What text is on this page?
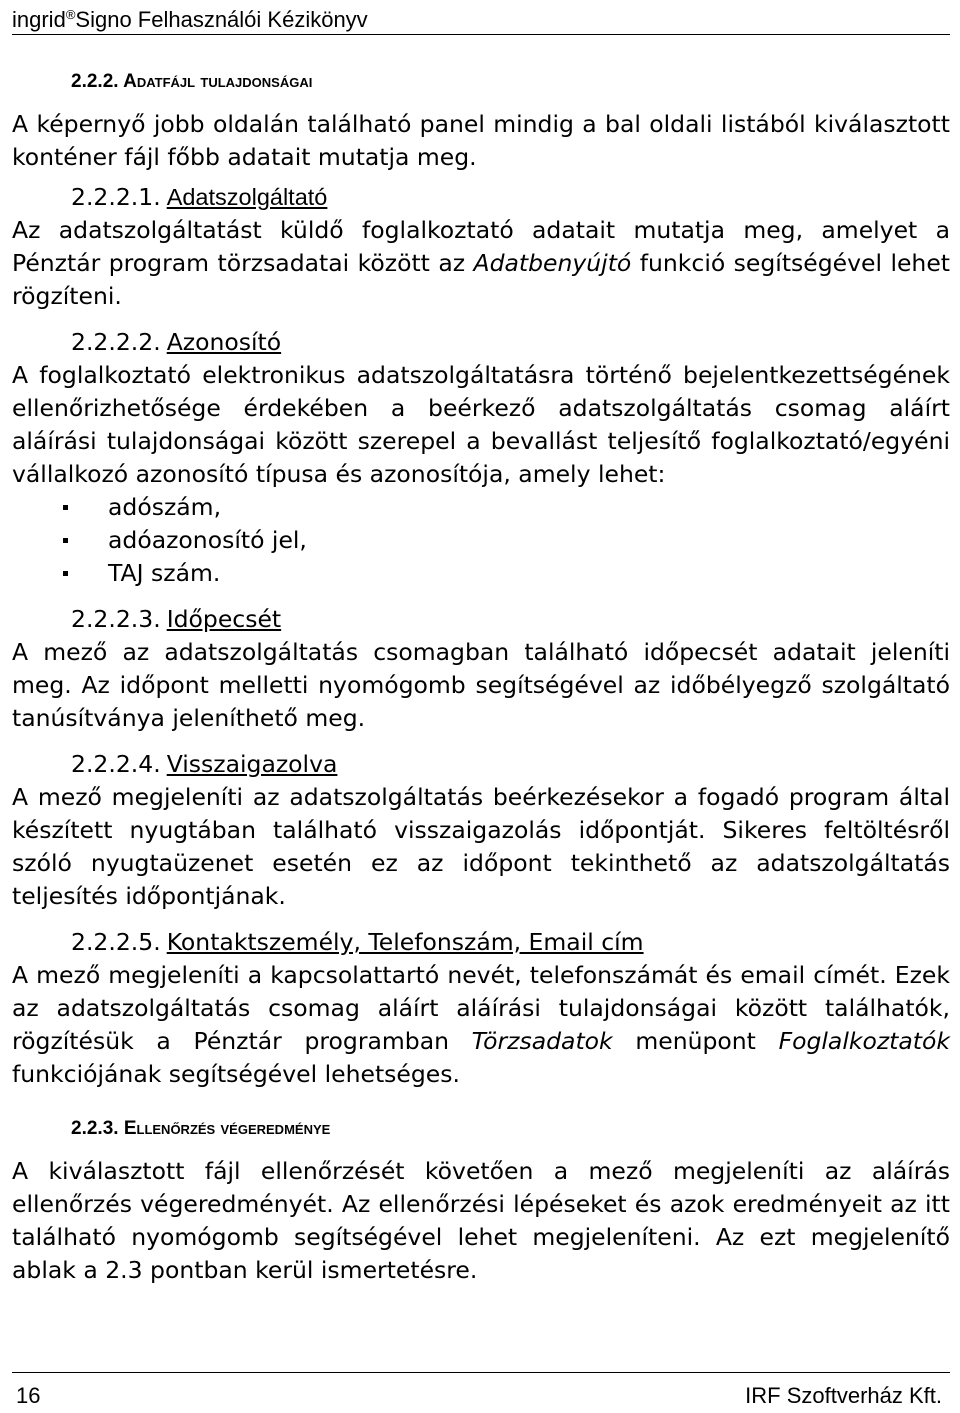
ingrid®Signo Felhasználói Kézikönyv
2.2.2. Adatfájl tulajdonságai

A képernyő jobb oldalán található panel mindig a bal oldali listából kiválasztott konténer fájl főbb adatait mutatja meg.

2.2.2.1. Adatszolgáltató

Az adatszolgáltatást küldő foglalkoztató adatait mutatja meg, amelyet a Pénztár program törzsadatai között az Adatbenyújtó funkció segítségével lehet rögzíteni.

2.2.2.2. Azonosító

A foglalkoztató elektronikus adatszolgáltatásra történő bejelentkezettségének ellenőrizhetősége érdekében a beérkező adatszolgáltatás csomag aláírt aláírási tulajdonságai között szerepel a bevallást teljesítő foglalkoztató/egyéni vállalkozó azonosító típusa és azonosítója, amely lehet:

adószám,
adóazonosító jel,
TAJ szám.
2.2.2.3. Időpecsét

A mező az adatszolgáltatás csomagban található időpecsét adatait jeleníti meg. Az időpont melletti nyomógomb segítségével az időbélyegző szolgáltató tanúsítványa jeleníthető meg.

2.2.2.4. Visszaigazolva

A mező megjeleníti az adatszolgáltatás beérkezésekor a fogadó program által készített nyugtában található visszaigazolás időpontját. Sikeres feltöltésről szóló nyugtaüzenet esetén ez az időpont tekinthető az adatszolgáltatás teljesítés időpontjának.

2.2.2.5. Kontaktszemély, Telefonszám, Email cím

A mező megjeleníti a kapcsolattartó nevét, telefonszámát és email címét. Ezek az adatszolgáltatás csomag aláírt aláírási tulajdonságai között találhatók, rögzítésük a Pénztár programban Törzsadatok menüpont Foglalkoztatók funkciójának segítségével lehetséges.

2.2.3. Ellenőrzés végeredménye

A kiválasztott fájl ellenőrzését követően a mező megjeleníti az aláírás ellenőrzés végeredményét. Az ellenőrzési lépéseket és azok eredményeit az itt található nyomógomb segítségével lehet megjeleníteni. Az ezt megjelenítő ablak a 2.3 pontban kerül ismertetésre.

16	IRF Szoftverház Kft.
